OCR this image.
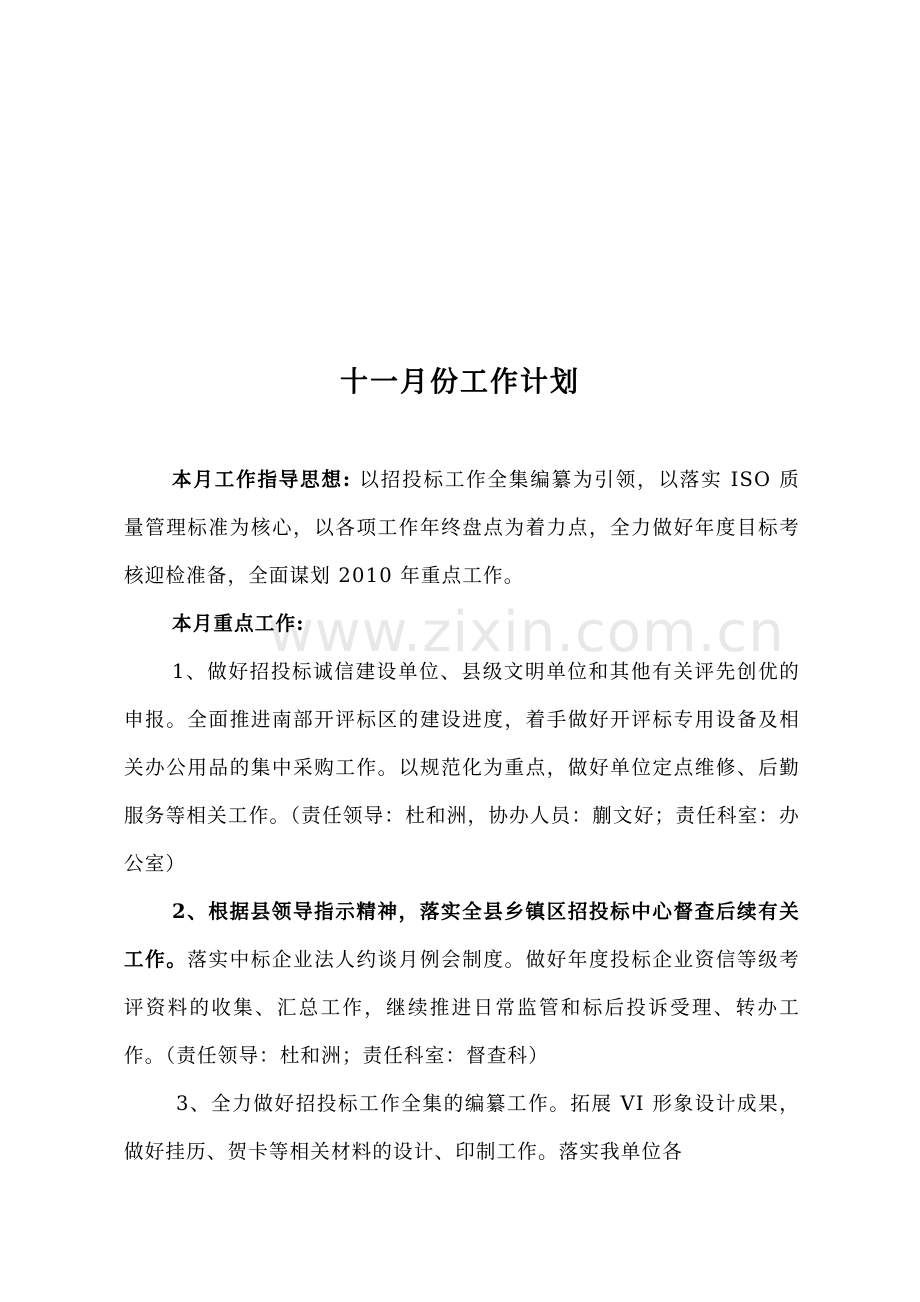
十一月份工作计划
www.zixin.com.cn

本月工作指导思想: 以招投标工作全集编纂为引领，以落实 ISO 质量管理标准为核心，以各项工作年终盘点为着力点，全力做好年度目标考核迎检准备，全面谋划 2010 年重点工作。

本月重点工作:

1、做好招投标诚信建设单位、县级文明单位和其他有关评先创优的申报。全面推进南部开评标区的建设进度，着手做好开评标专用设备及相关办公用品的集中采购工作。以规范化为重点，做好单位定点维修、后勤服务等相关工作。（责任领导：杜和洲，协办人员：蒯文好；责任科室：办公室）

2、根据县领导指示精神，落实全县乡镇区招投标中心督查后续有关工作。落实中标企业法人约谈月例会制度。做好年度投标企业资信等级考评资料的收集、汇总工作，继续推进日常监管和标后投诉受理、转办工作。（责任领导：杜和洲；责任科室：督查科）

3、全力做好招投标工作全集的编纂工作。拓展 VI 形象设计成果，做好挂历、贺卡等相关材料的设计、印制工作。落实我单位各
